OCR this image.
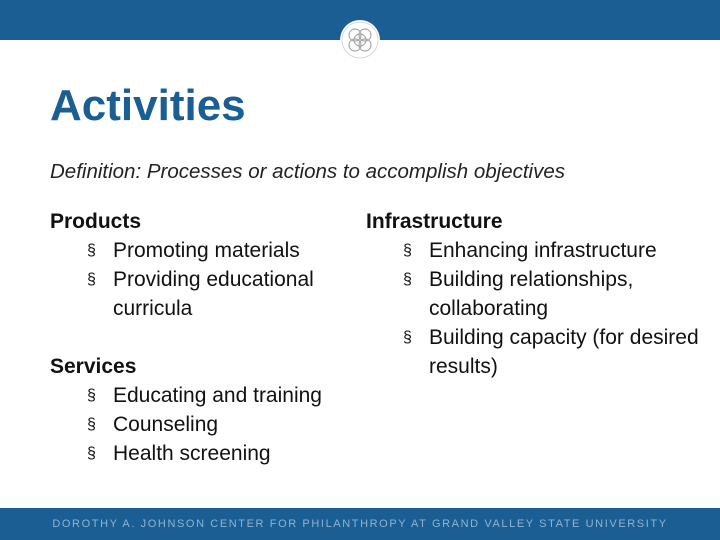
Activities

Definition: Processes or actions to accomplish objectives

Products

§ Promoting materials
§ Providing educational curricula

Services

§ Educating and training
§ Counseling
§ Health screening

Infrastructure

§ Enhancing infrastructure
§ Building relationships, collaborating
§ Building capacity (for desired results)
DOROTHY A. JOHNSON CENTER FOR PHILANTHROPY AT GRAND VALLEY STATE UNIVERSITY
